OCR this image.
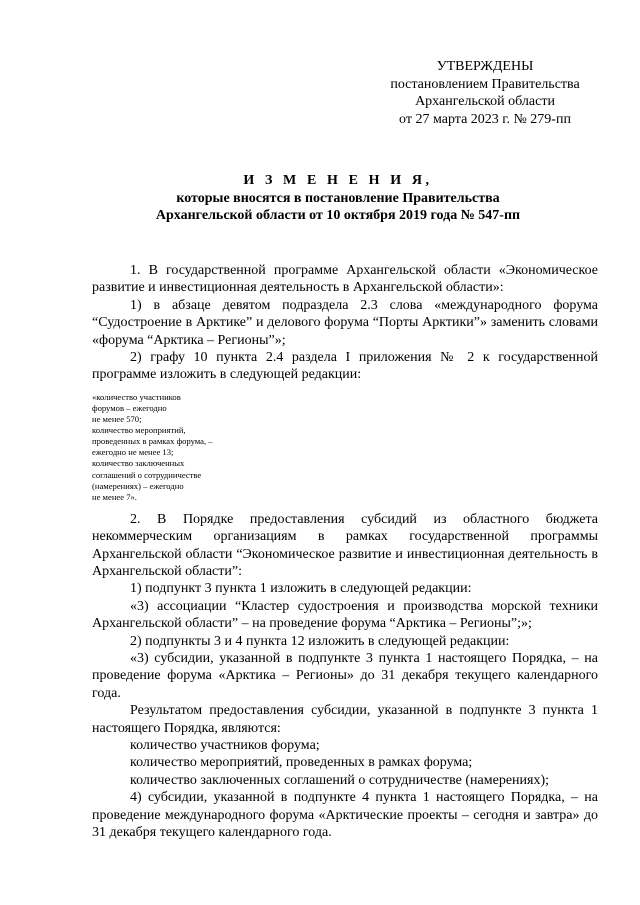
УТВЕРЖДЕНЫ
постановлением Правительства
Архангельской области
от 27 марта 2023 г. № 279-пп
И З М Е Н Е Н И Я,
которые вносятся в постановление Правительства
Архангельской области от 10 октября 2019 года № 547-пп

1. В государственной программе Архангельской области «Экономическое развитие и инвестиционная деятельность в Архангельской области»:

1) в абзаце девятом подраздела 2.3 слова «международного форума “Судостроение в Арктике” и делового форума “Порты Арктики”» заменить словами «форума “Арктика – Регионы”»;

2) графу 10 пункта 2.4 раздела I приложения № 2 к государственной программе изложить в следующей редакции:

«количество участников
форумов – ежегодно
не менее 570;
количество мероприятий,
проведенных в рамках форума, –
ежегодно не менее 13;
количество заключенных
соглашений о сотрудничестве
(намерениях) – ежегодно
не менее 7».

2. В Порядке предоставления субсидий из областного бюджета некоммерческим организациям в рамках государственной программы Архангельской области “Экономическое развитие и инвестиционная деятельность в Архангельской области”:

1) подпункт 3 пункта 1 изложить в следующей редакции:

«3) ассоциации “Кластер судостроения и производства морской техники Архангельской области” – на проведение форума “Арктика – Регионы”;»;

2) подпункты 3 и 4 пункта 12 изложить в следующей редакции:

«3) субсидии, указанной в подпункте 3 пункта 1 настоящего Порядка, – на проведение форума «Арктика – Регионы» до 31 декабря текущего календарного года.

Результатом предоставления субсидии, указанной в подпункте 3 пункта 1 настоящего Порядка, являются:

количество участников форума;

количество мероприятий, проведенных в рамках форума;

количество заключенных соглашений о сотрудничестве (намерениях);

4) субсидии, указанной в подпункте 4 пункта 1 настоящего Порядка, – на проведение международного форума «Арктические проекты – сегодня и завтра» до 31 декабря текущего календарного года.
